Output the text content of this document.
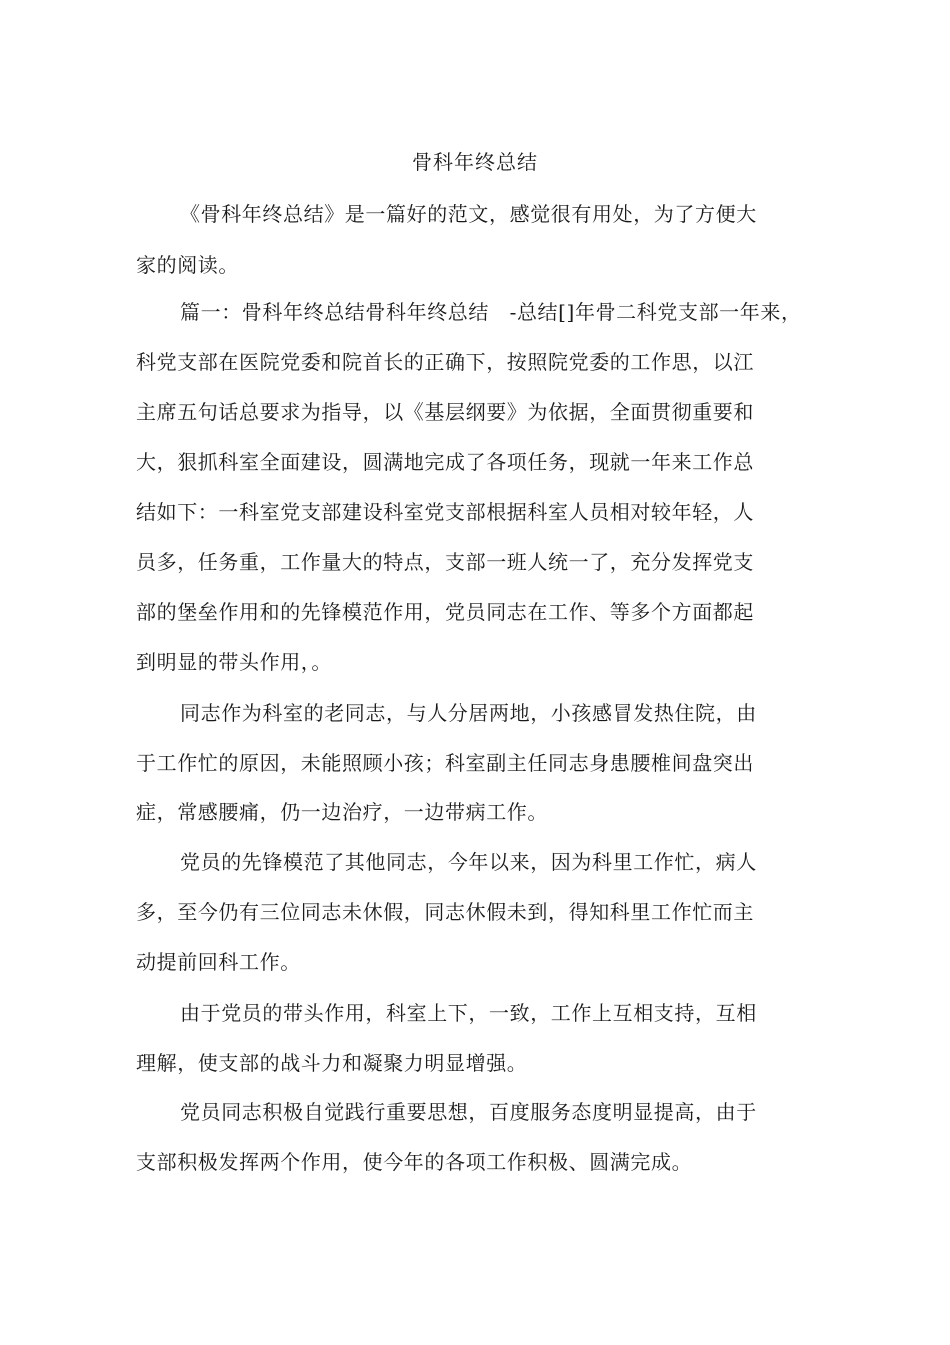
骨科年终总结
《骨科年终总结》是一篇好的范文，感觉很有用处，为了方便大
家的阅读。
篇一：骨科年终总结骨科年终总结　-总结[]年骨二科党支部一年来，
科党支部在医院党委和院首长的正确下，按照院党委的工作思，以江
主席五句话总要求为指导，以《基层纲要》为依据，全面贯彻重要和
大，狠抓科室全面建设，圆满地完成了各项任务，现就一年来工作总
结如下：一科室党支部建设科室党支部根据科室人员相对较年轻，人
员多，任务重，工作量大的特点，支部一班人统一了，充分发挥党支
部的堡垒作用和的先锋模范作用，党员同志在工作、等多个方面都起
到明显的带头作用，。
同志作为科室的老同志，与人分居两地，小孩感冒发热住院，由
于工作忙的原因，未能照顾小孩；科室副主任同志身患腰椎间盘突出
症，常感腰痛，仍一边治疗，一边带病工作。
党员的先锋模范了其他同志，今年以来，因为科里工作忙，病人
多，至今仍有三位同志未休假，同志休假未到，得知科里工作忙而主
动提前回科工作。
由于党员的带头作用，科室上下，一致，工作上互相支持，互相
理解，使支部的战斗力和凝聚力明显增强。
党员同志积极自觉践行重要思想，百度服务态度明显提高，由于
支部积极发挥两个作用，使今年的各项工作积极、圆满完成。
